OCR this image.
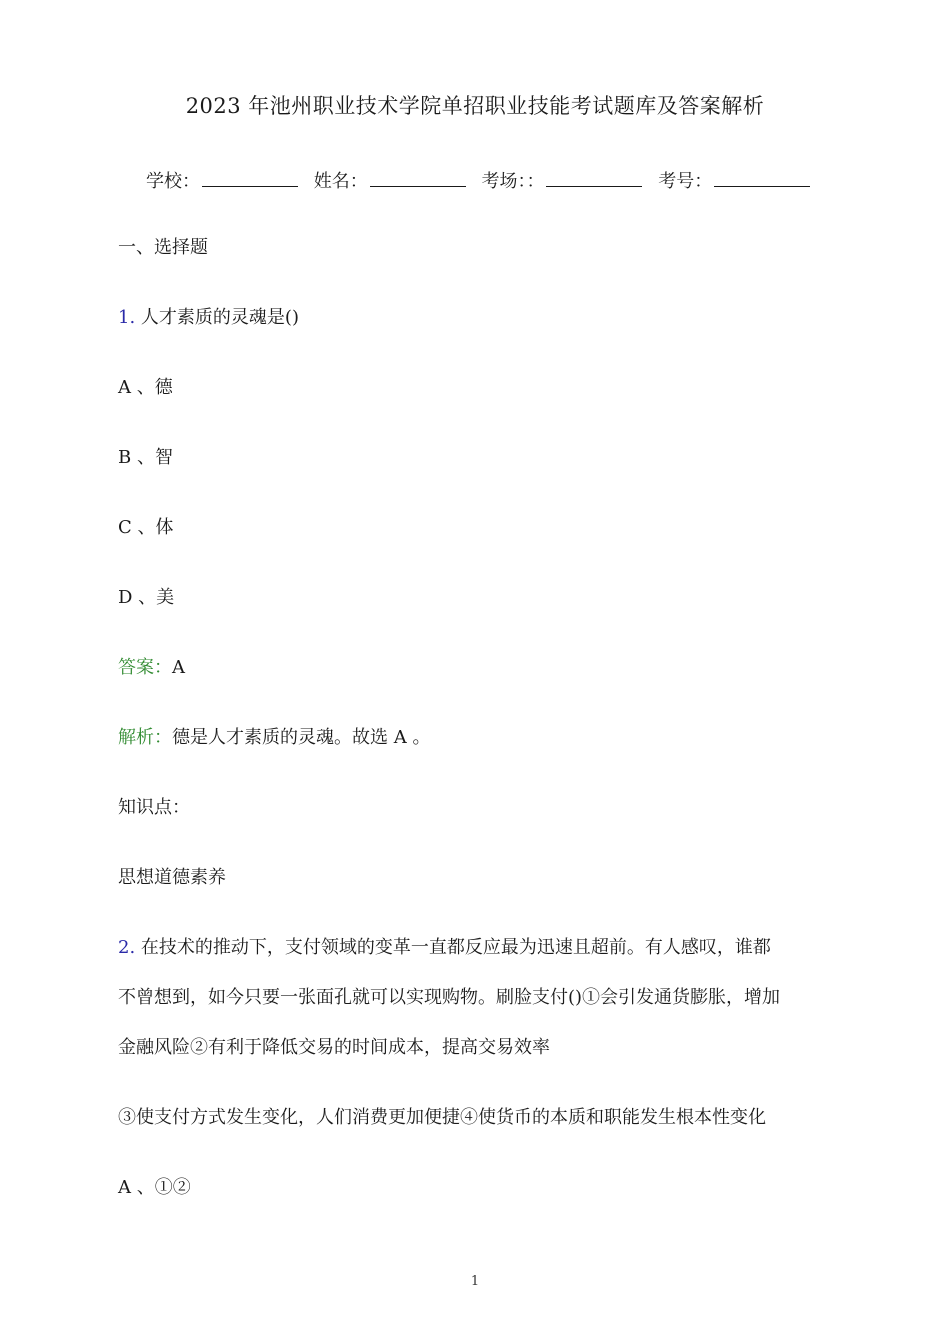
2023 年池州职业技术学院单招职业技能考试题库及答案解析
学校：	姓名：	考场：：	考号：
一、选择题
1. 人才素质的灵魂是()
A 、德
B 、智
C 、体
D 、美
答案：A
解析：德是人才素质的灵魂。故选 A 。
知识点：
思想道德素养
2. 在技术的推动下，支付领域的变革一直都反应最为迅速且超前。有人感叹，谁都
不曾想到，如今只要一张面孔就可以实现购物。刷脸支付()①会引发通货膨胀，增加
金融风险②有利于降低交易的时间成本，提高交易效率
③使支付方式发生变化，人们消费更加便捷④使货币的本质和职能发生根本性变化
A 、①②
1
